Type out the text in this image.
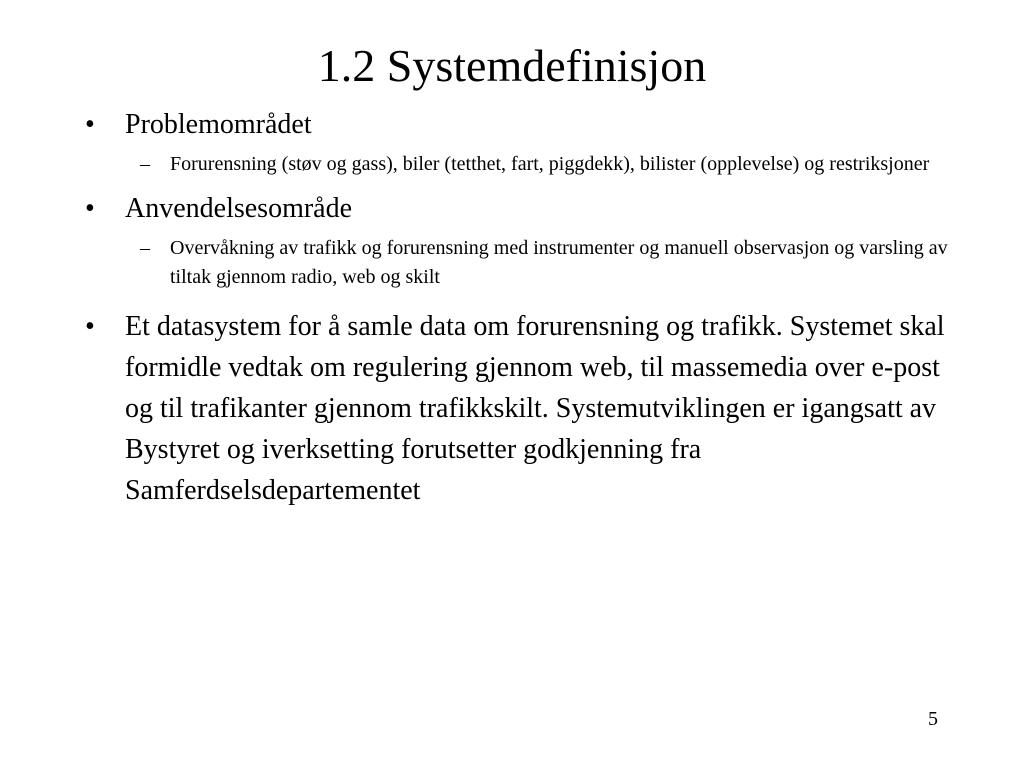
1.2 Systemdefinisjon
•	Problemområdet
– Forurensning (støv og gass), biler (tetthet, fart, piggdekk), bilister (opplevelse) og restriksjoner
•	Anvendelsesområde
– Overvåkning av trafikk og forurensning med instrumenter og manuell observasjon og varsling av tiltak gjennom radio, web og skilt
•	Et datasystem for å samle data om forurensning og trafikk. Systemet skal formidle vedtak om regulering gjennom web, til massemedia over e-post og til trafikanter gjennom trafikkskilt. Systemutviklingen er igangsatt av Bystyret og iverksetting forutsetter godkjenning fra Samferdselsdepartementet
5
